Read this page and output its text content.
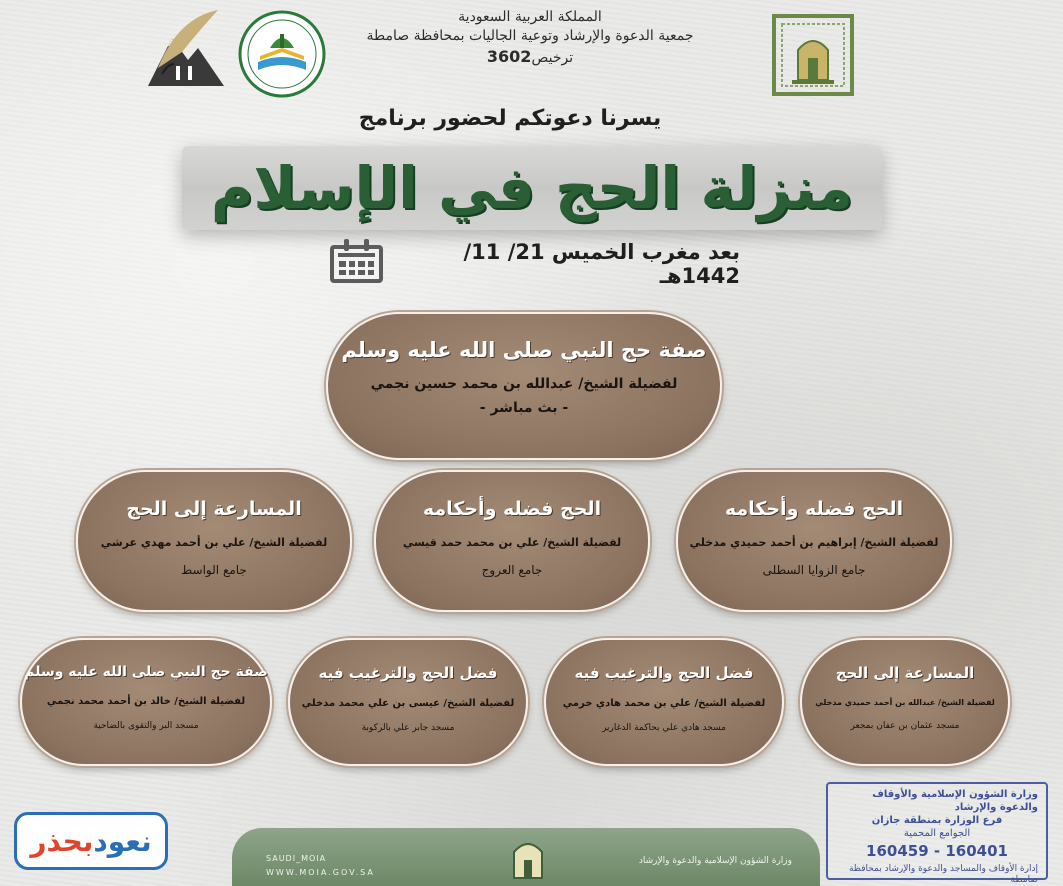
المملكة العربية السعودية
جمعية الدعوة والإرشاد وتوعية الجاليات بمحافظة صامطة
ترخيص3602
يسرنا دعوتكم لحضور برنامج
منزلة الحج في الإسلام
بعد مغرب الخميس 21/ 11/ 1442هـ
صفة حج النبي صلى الله عليه وسلم
لفضيلة الشيخ/ عبدالله بن محمد حسين نجمي
- بث مباشر -
الحج فضله وأحكامه
لفضيلة الشيخ/ إبراهيم بن أحمد حميدي مدخلي
جامع الزوايا السطلى
الحج فضله وأحكامه
لفضيلة الشيخ/ علي بن محمد حمد قيسي
جامع العروج
المسارعة إلى الحج
لفضيلة الشيخ/ علي بن أحمد مهدي عرشي
جامع الواسط
المسارعة إلى الحج
لفضيلة الشيخ/ عبدالله بن أحمد حميدي مدخلي
مسجد عثمان بن عفان بمجعر
فضل الحج والترغيب فيه
لفضيلة الشيخ/ علي بن محمد هادي خرمي
مسجد هادي علي بحاكمة الدغارير
فضل الحج والترغيب فيه
لفضيلة الشيخ/ عيسى بن علي محمد مدخلي
مسجد جابر علي بالركوبة
صفة حج النبي صلى الله عليه وسلم
لفضيلة الشيخ/ خالد بن أحمد محمد نجمي
مسجد البر والتقوى بالضاحية
وزارة الشؤون الإسلامية والأوقاف والدعوة والإرشاد
فرع الوزارة بمنطقة جازان
الجوامع المحمية
160459 - 160401
إدارة الأوقاف والمساجد والدعوة والإرشاد بمحافظة صامطة
SAUDI_MOIA
WWW.MOIA.GOV.SA
وزارة الشؤون الإسلامية والدعوة والإرشاد
نعود
بحذر
